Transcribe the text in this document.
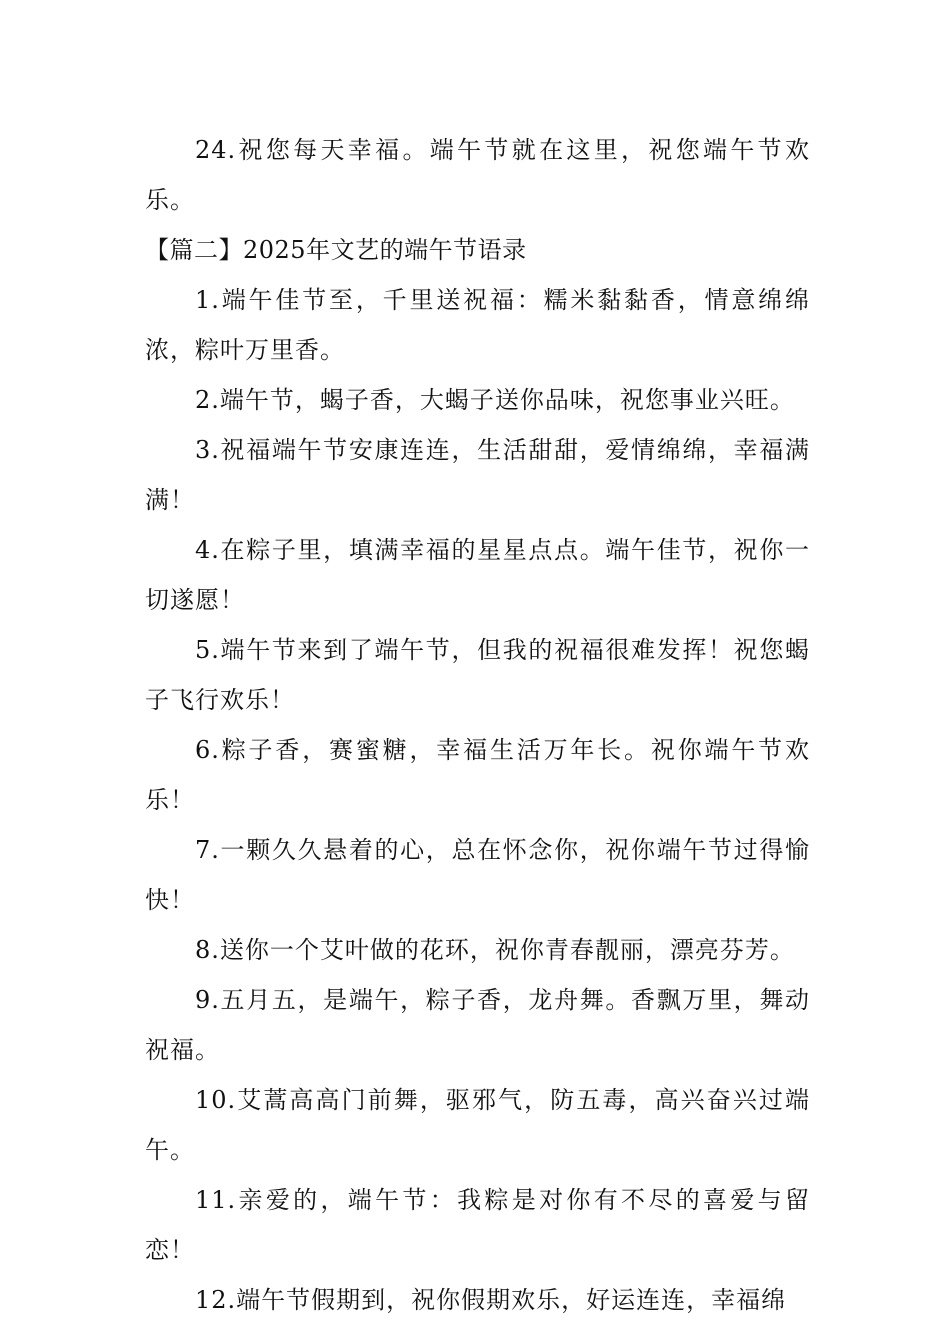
24.祝您每天幸福。端午节就在这里，祝您端午节欢乐。

【篇二】2025年文艺的端午节语录

1.端午佳节至，千里送祝福：糯米黏黏香，情意绵绵浓，粽叶万里香。

2.端午节，蝎子香，大蝎子送你品味，祝您事业兴旺。

3.祝福端午节安康连连，生活甜甜，爱情绵绵，幸福满满！

4.在粽子里，填满幸福的星星点点。端午佳节，祝你一切遂愿！

5.端午节来到了端午节，但我的祝福很难发挥！祝您蝎子飞行欢乐！

6.粽子香，赛蜜糖，幸福生活万年长。祝你端午节欢乐！

7.一颗久久悬着的心，总在怀念你，祝你端午节过得愉快！

8.送你一个艾叶做的花环，祝你青春靓丽，漂亮芬芳。

9.五月五，是端午，粽子香，龙舟舞。香飘万里，舞动祝福。

10.艾蒿高高门前舞，驱邪气，防五毒，高兴奋兴过端午。

11.亲爱的，端午节：我粽是对你有不尽的喜爱与留恋！

12.端午节假期到，祝你假期欢乐，好运连连，幸福绵
